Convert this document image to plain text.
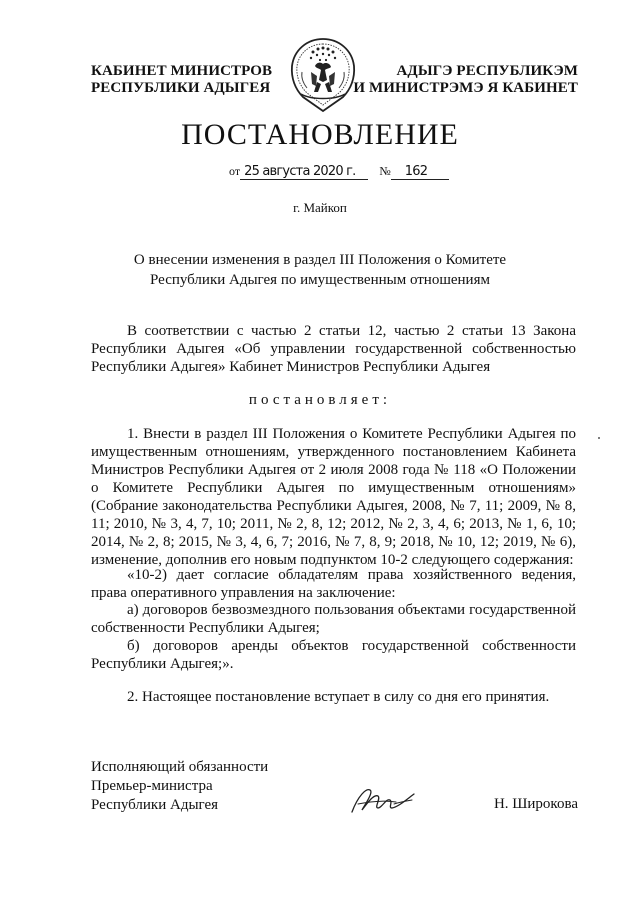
КАБИНЕТ МИНИСТРОВ
РЕСПУБЛИКИ АДЫГЕЯ
АДЫГЭ РЕСПУБЛИКЭМ
И МИНИСТРЭМЭ Я КАБИНЕТ
ПОСТАНОВЛЕНИЕ
от 25 августа 2020 г. № 162
г. Майкоп
О внесении изменения в раздел III Положения о Комитете Республики Адыгея по имущественным отношениям

В соответствии с частью 2 статьи 12, частью 2 статьи 13 Закона Республики Адыгея «Об управлении государственной собственностью Республики Адыгея» Кабинет Министров Республики Адыгея

постановляет:

1. Внести в раздел III Положения о Комитете Республики Адыгея по имущественным отношениям, утвержденного постановлением Кабинета Министров Республики Адыгея от 2 июля 2008 года № 118 «О Положении о Комитете Республики Адыгея по имущественным отношениям» (Собрание законодательства Республики Адыгея, 2008, № 7, 11; 2009, № 8, 11; 2010, № 3, 4, 7, 10; 2011, № 2, 8, 12; 2012, № 2, 3, 4, 6; 2013, № 1, 6, 10; 2014, № 2, 8; 2015, № 3, 4, 6, 7; 2016, № 7, 8, 9; 2018, № 10, 12; 2019, № 6), изменение, дополнив его новым подпунктом 10-2 следующего содержания:

«10-2) дает согласие обладателям права хозяйственного ведения, права оперативного управления на заключение:

а) договоров безвозмездного пользования объектами государственной собственности Республики Адыгея;

б) договоров аренды объектов государственной собственности Республики Адыгея;».

2. Настоящее постановление вступает в силу со дня его принятия.

Исполняющий обязанности
Премьер-министра
Республики Адыгея	Н. Широкова
